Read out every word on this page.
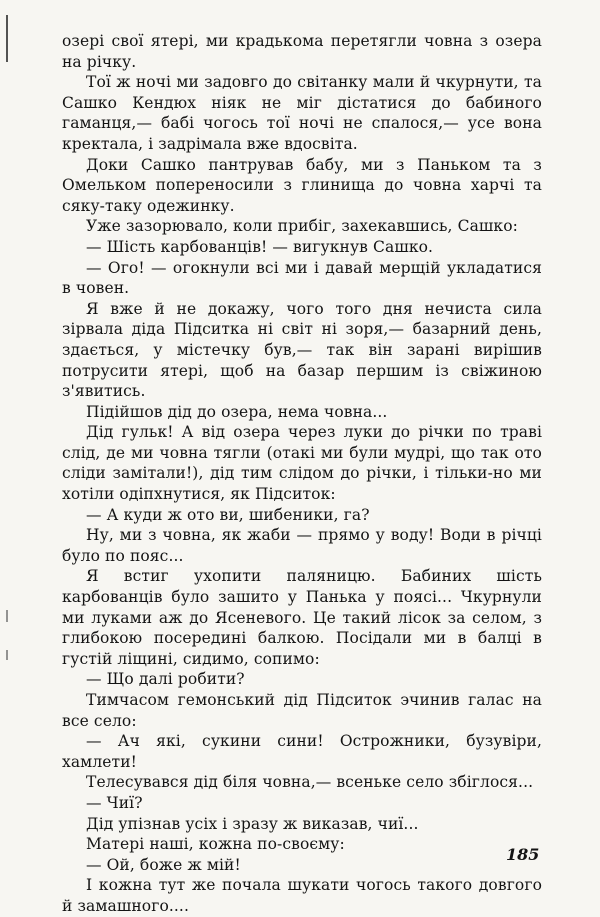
озері свої ятері, ми крадькома перетягли човна з озера на річку.

Тої ж ночі ми задовго до світанку мали й чкурнути, та Сашко Кендюх ніяк не міг дістатися до бабиного гаманця,— бабі чогось тої ночі не спалося,— усе вона кректала, і задрімала вже вдосвіта.

Доки Сашко пантрував бабу, ми з Паньком та з Омельком попереносили з глинища до човна харчі та сяку-таку одежинку.

Уже зазорювало, коли прибіг, захекавшись, Сашко:

— Шість карбованців! — вигукнув Сашко.

— Ого! — огокнули всі ми і давай мерщій укладатися в човен.

Я вже й не докажу, чого того дня нечиста сила зірвала діда Підситка ні світ ні зоря,— базарний день, здається, у містечку був,— так він зарані вирішив потрусити ятері, щоб на базар першим із свіжиною з'явитись.

Підійшов дід до озера, нема човна...

Дід гульк! А від озера через луки до річки по траві слід, де ми човна тягли (отакі ми були мудрі, що так ото сліди замітали!), дід тим слідом до річки, і тільки-но ми хотіли одіпхнутися, як Підситок:

— А куди ж ото ви, шибеники, га?

Ну, ми з човна, як жаби — прямо у воду! Води в річці було по пояс...

Я встиг ухопити паляницю. Бабиних шість карбованців було зашито у Панька у поясі... Чкурнули ми луками аж до Ясеневого. Це такий лісок за селом, з глибокою посередині балкою. Посідали ми в балці в густій ліщині, сидимо, сопимо:

— Що далі робити?

Тимчасом гемонський дід Підситок эчинив галас на все село:

— Ач які, сукини сини! Острожники, бузувіри, хамлети!

Телесувався дід біля човна,— всеньке село збіглося...

— Чиї?

Дід упізнав усіх і зразу ж виказав, чиї...

Матері наші, кожна по-своєму:

— Ой, боже ж мій!

І кожна тут же почала шукати чогось такого довгого й замашного....

185
